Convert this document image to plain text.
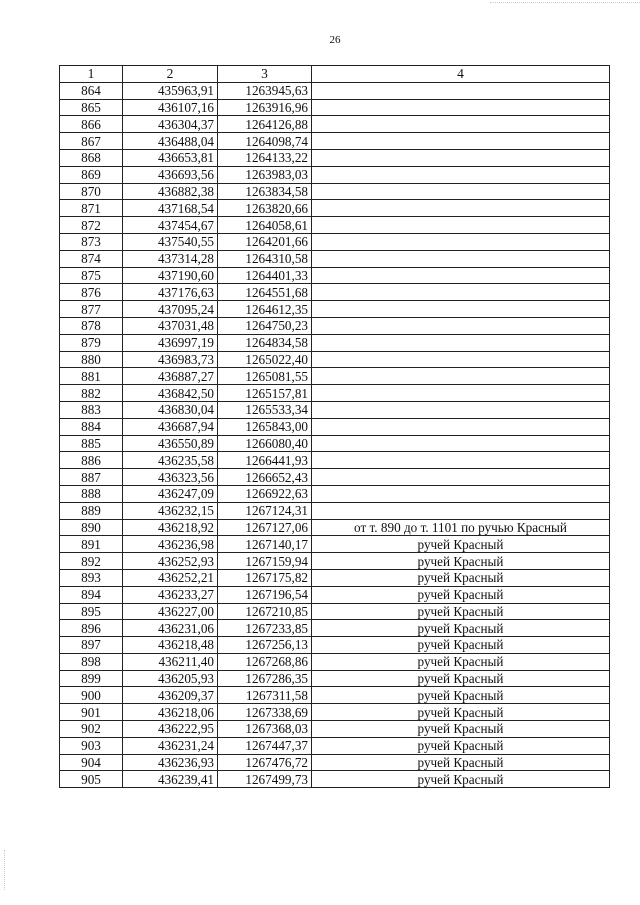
26
1	2	3	4
864	435963,91	1263945,63	
865	436107,16	1263916,96	
866	436304,37	1264126,88	
867	436488,04	1264098,74	
868	436653,81	1264133,22	
869	436693,56	1263983,03	
870	436882,38	1263834,58	
871	437168,54	1263820,66	
872	437454,67	1264058,61	
873	437540,55	1264201,66	
874	437314,28	1264310,58	
875	437190,60	1264401,33	
876	437176,63	1264551,68	
877	437095,24	1264612,35	
878	437031,48	1264750,23	
879	436997,19	1264834,58	
880	436983,73	1265022,40	
881	436887,27	1265081,55	
882	436842,50	1265157,81	
883	436830,04	1265533,34	
884	436687,94	1265843,00	
885	436550,89	1266080,40	
886	436235,58	1266441,93	
887	436323,56	1266652,43	
888	436247,09	1266922,63	
889	436232,15	1267124,31	
890	436218,92	1267127,06	от т. 890 до т. 1101 по ручью Красный
891	436236,98	1267140,17	ручей Красный
892	436252,93	1267159,94	ручей Красный
893	436252,21	1267175,82	ручей Красный
894	436233,27	1267196,54	ручей Красный
895	436227,00	1267210,85	ручей Красный
896	436231,06	1267233,85	ручей Красный
897	436218,48	1267256,13	ручей Красный
898	436211,40	1267268,86	ручей Красный
899	436205,93	1267286,35	ручей Красный
900	436209,37	1267311,58	ручей Красный
901	436218,06	1267338,69	ручей Красный
902	436222,95	1267368,03	ручей Красный
903	436231,24	1267447,37	ручей Красный
904	436236,93	1267476,72	ручей Красный
905	436239,41	1267499,73	ручей Красный
